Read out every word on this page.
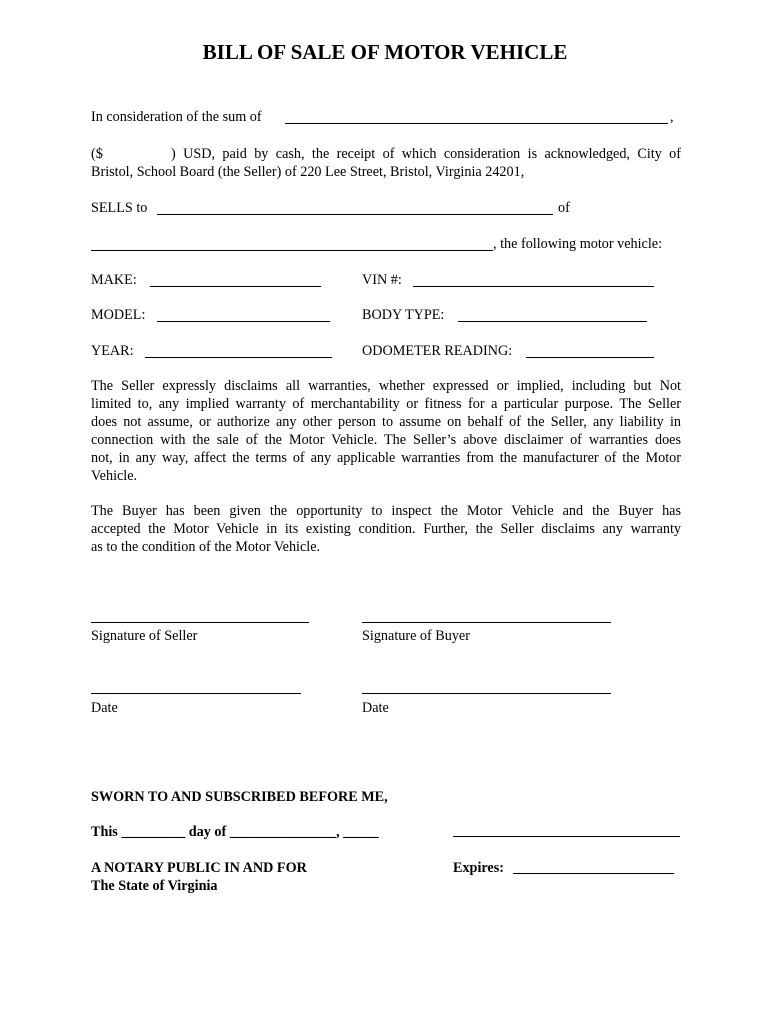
BILL OF SALE OF MOTOR VEHICLE
In consideration of the sum of	,
($	) USD, paid by cash, the receipt of which consideration is acknowledged, City of
Bristol, School Board (the Seller) of 220 Lee Street, Bristol, Virginia 24201,
SELLS to	of
, the following motor vehicle:
MAKE:	VIN #:
MODEL:	BODY TYPE:
YEAR:	ODOMETER READING:
The Seller expressly disclaims all warranties, whether expressed or implied, including but Not
limited to, any implied warranty of merchantability or fitness for a particular purpose. The Seller
does not assume, or authorize any other person to assume on behalf of the Seller, any liability in
connection with the sale of the Motor Vehicle. The Seller’s above disclaimer of warranties does
not, in any way, affect the terms of any applicable warranties from the manufacturer of the Motor
Vehicle.
The Buyer has been given the opportunity to inspect the Motor Vehicle and the Buyer has
accepted the Motor Vehicle in its existing condition. Further, the Seller disclaims any warranty
as to the condition of the Motor Vehicle.
Signature of Seller	Signature of Buyer
Date	Date
SWORN TO AND SUBSCRIBED BEFORE ME,
This _________ day of _______________, _____
A NOTARY PUBLIC IN AND FOR
The State of Virginia
Expires:
